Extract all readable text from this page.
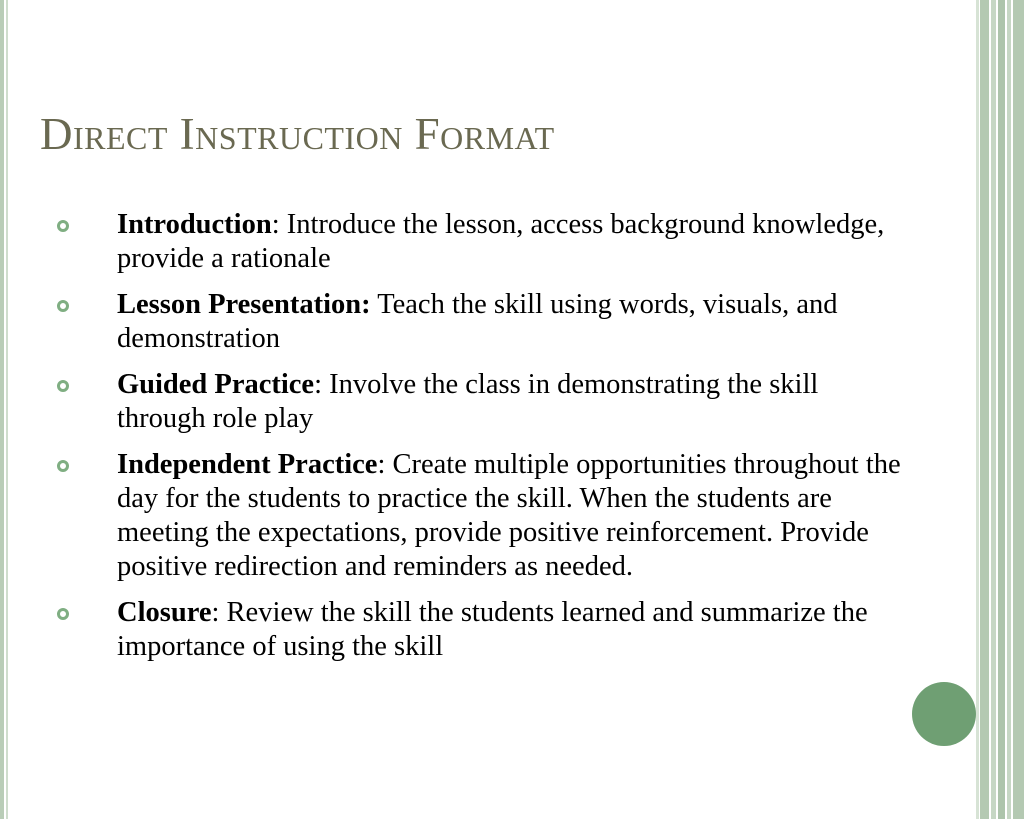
Direct Instruction Format
Introduction: Introduce the lesson, access background knowledge, provide a rationale
Lesson Presentation: Teach the skill using words, visuals, and demonstration
Guided Practice: Involve the class in demonstrating the skill through role play
Independent Practice: Create multiple opportunities throughout the day for the students to practice the skill. When the students are meeting the expectations, provide positive reinforcement. Provide positive redirection and reminders as needed.
Closure: Review the skill the students learned and summarize the importance of using the skill
